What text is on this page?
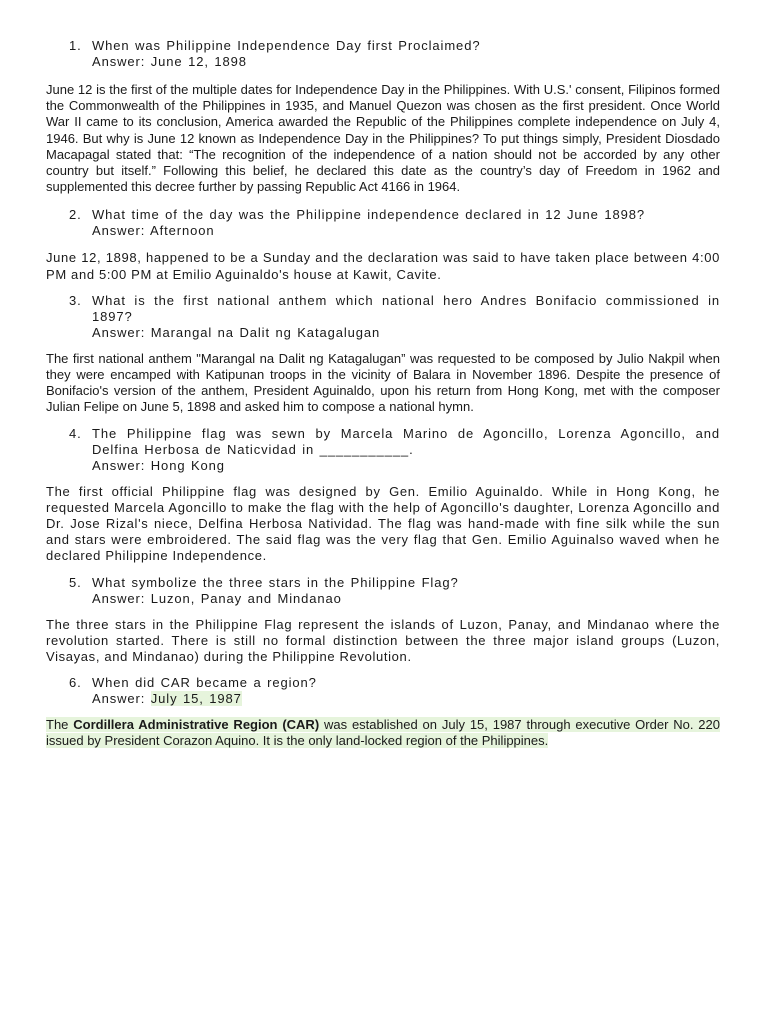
1. When was Philippine Independence Day first Proclaimed?
Answer: June 12, 1898

June 12 is the first of the multiple dates for Independence Day in the Philippines. With U.S.' consent, Filipinos formed the Commonwealth of the Philippines in 1935, and Manuel Quezon was chosen as the first president. Once World War II came to its conclusion, America awarded the Republic of the Philippines complete independence on July 4, 1946. But why is June 12 known as Independence Day in the Philippines? To put things simply, President Diosdado Macapagal stated that: “The recognition of the independence of a nation should not be accorded by any other country but itself.” Following this belief, he declared this date as the country’s day of Freedom in 1962 and supplemented this decree further by passing Republic Act 4166 in 1964.

2. What time of the day was the Philippine independence declared in 12 June 1898?
Answer: Afternoon

June 12, 1898, happened to be a Sunday and the declaration was said to have taken place between 4:00 PM and 5:00 PM at Emilio Aguinaldo's house at Kawit, Cavite.

3. What is the first national anthem which national hero Andres Bonifacio commissioned in 1897?
Answer: Marangal na Dalit ng Katagalugan

The first national anthem "Marangal na Dalit ng Katagalugan” was requested to be composed by Julio Nakpil when they were encamped with Katipunan troops in the vicinity of Balara in November 1896. Despite the presence of Bonifacio's version of the anthem, President Aguinaldo, upon his return from Hong Kong, met with the composer Julian Felipe on June 5, 1898 and asked him to compose a national hymn.

4. The Philippine flag was sewn by Marcela Marino de Agoncillo, Lorenza Agoncillo, and Delfina Herbosa de Naticvidad in ___________.
Answer: Hong Kong

The first official Philippine flag was designed by Gen. Emilio Aguinaldo. While in Hong Kong, he requested Marcela Agoncillo to make the flag with the help of Agoncillo's daughter, Lorenza Agoncillo and Dr. Jose Rizal's niece, Delfina Herbosa Natividad. The flag was hand-made with fine silk while the sun and stars were embroidered. The said flag was the very flag that Gen. Emilio Aguinalso waved when he declared Philippine Independence.

5. What symbolize the three stars in the Philippine Flag?
Answer: Luzon, Panay and Mindanao

The three stars in the Philippine Flag represent the islands of Luzon, Panay, and Mindanao where the revolution started. There is still no formal distinction between the three major island groups (Luzon, Visayas, and Mindanao) during the Philippine Revolution.

6. When did CAR became a region?
Answer: July 15, 1987

The Cordillera Administrative Region (CAR) was established on July 15, 1987 through executive Order No. 220 issued by President Corazon Aquino. It is the only land-locked region of the Philippines.
